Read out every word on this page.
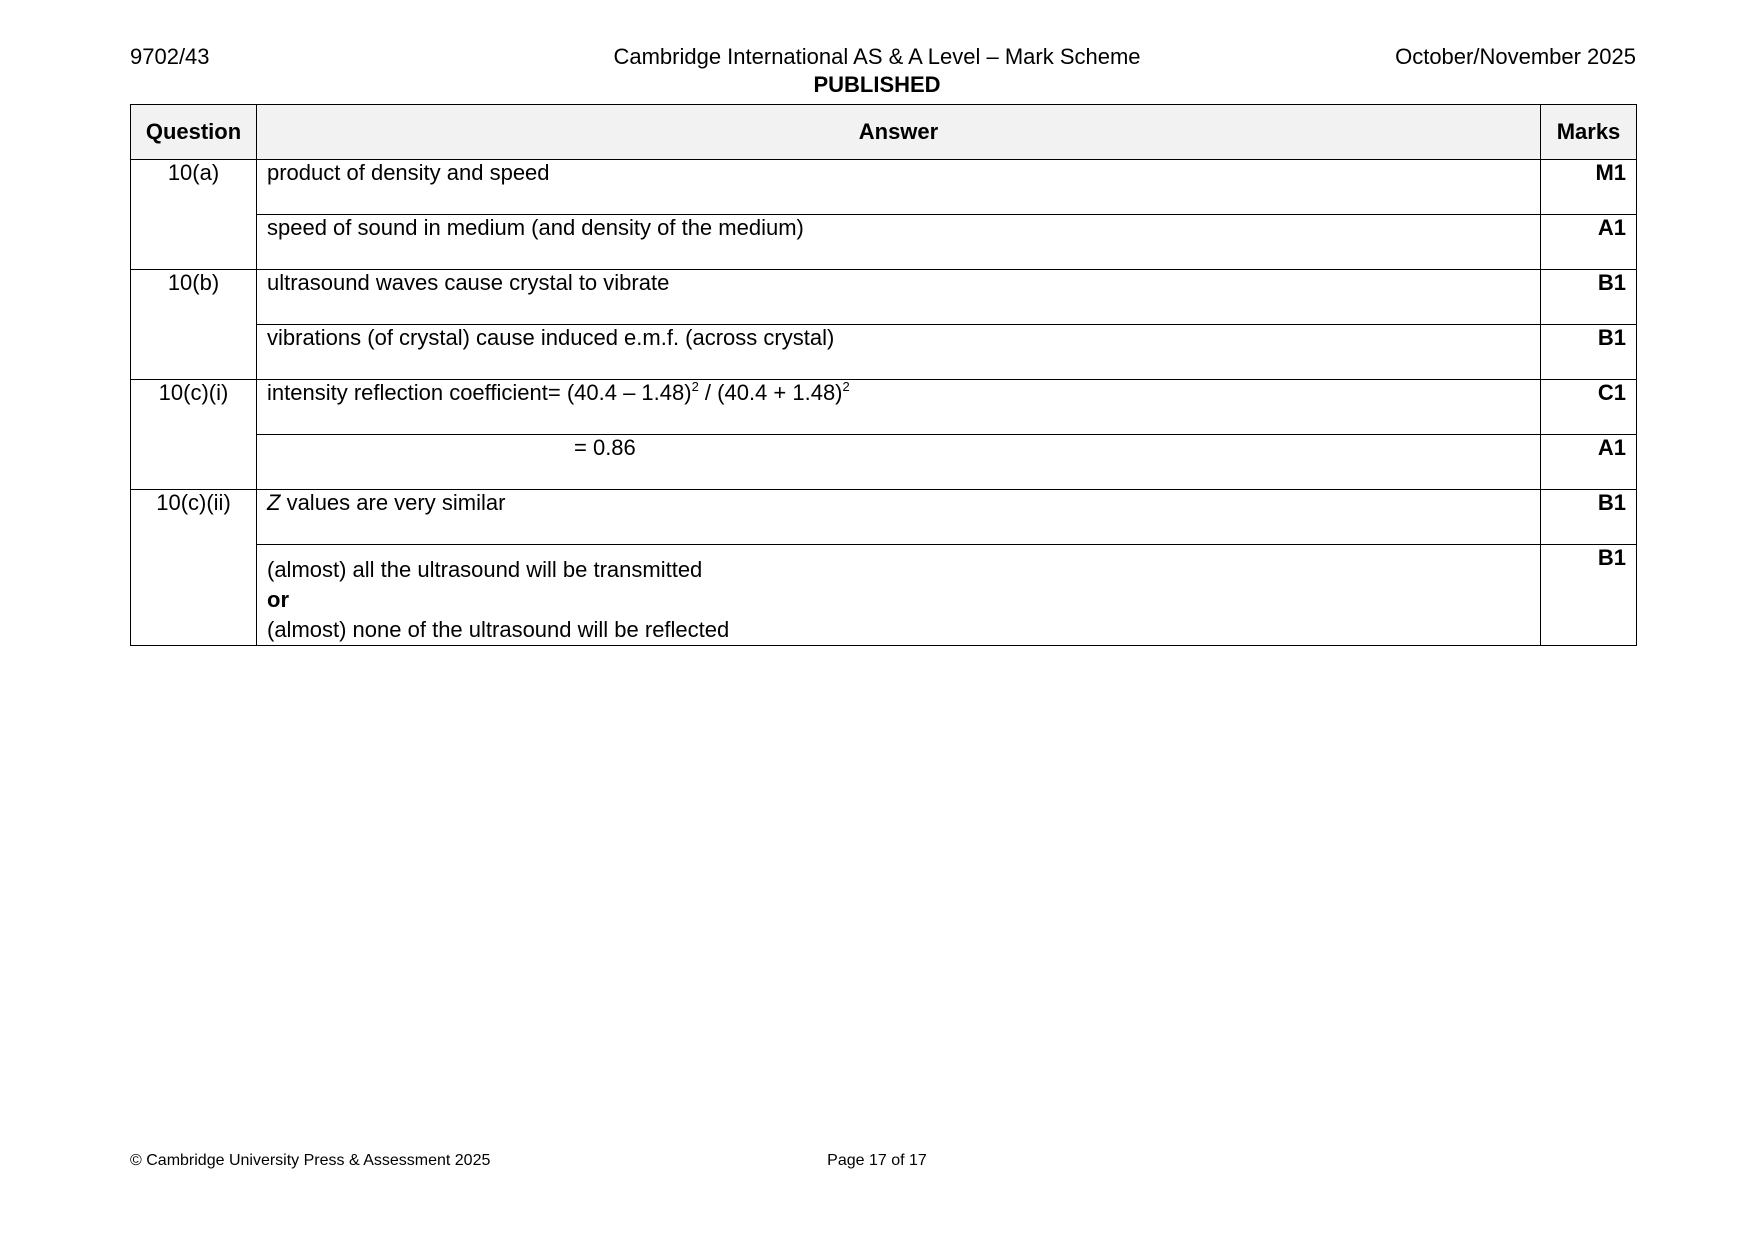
9702/43	Cambridge International AS & A Level – Mark Scheme
PUBLISHED
October/November 2025
Question	Answer	Marks
10(a)	product of density and speed	M1
	speed of sound in medium (and density of the medium)	A1
10(b)	ultrasound waves cause crystal to vibrate	B1
	vibrations (of crystal) cause induced e.m.f. (across crystal)	B1
10(c)(i)	intensity reflection coefficient= $(40.4 - 1.48)^2 / (40.4 + 1.48)^2$	C1
	= 0.86	A1
10(c)(ii)	Z values are very similar	B1

	(almost) all the ultrasound will be transmitted
or
(almost) none of the ultrasound will be reflected	B1
© Cambridge University Press & Assessment 2025	Page 17 of 17
